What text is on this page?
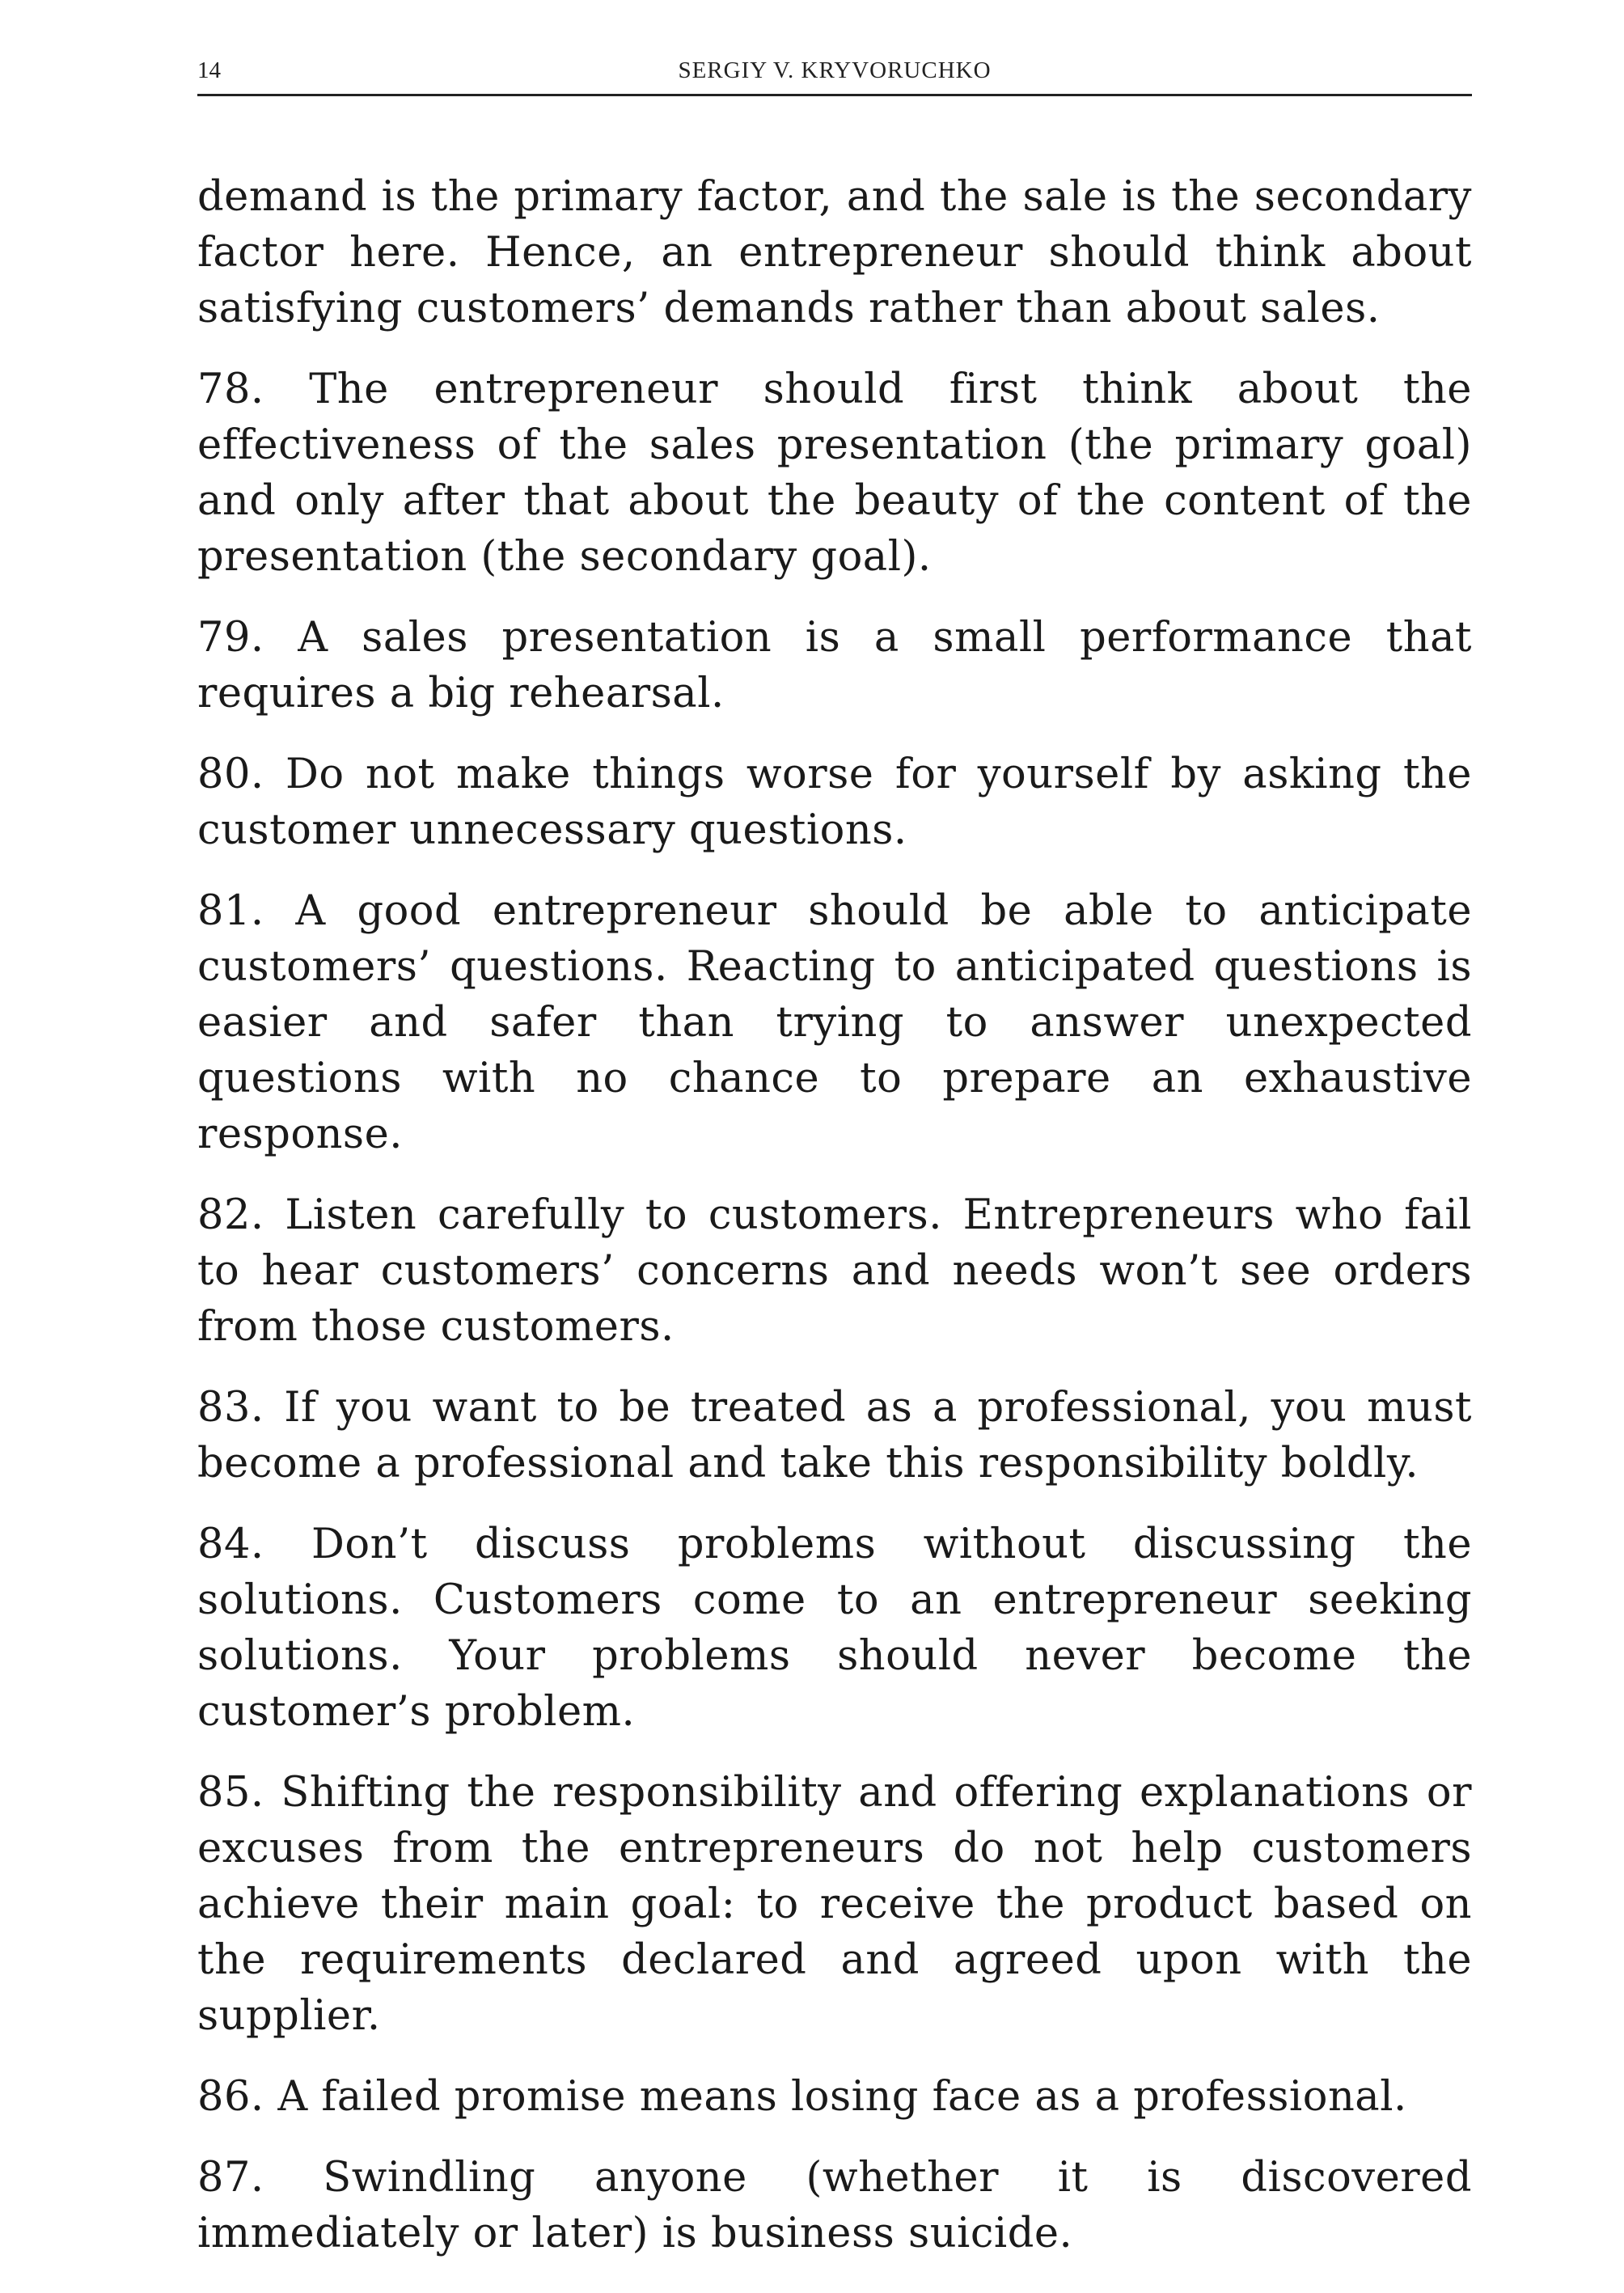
14	SERGIY V. KRYVORUCHKO

demand is the primary factor, and the sale is the secondary factor here. Hence, an entrepreneur should think about satisfying customers’ demands rather than about sales.

78. The entrepreneur should first think about the effectiveness of the sales presentation (the primary goal) and only after that about the beauty of the content of the presentation (the secondary goal).

79. A sales presentation is a small performance that requires a big rehearsal.

80. Do not make things worse for yourself by asking the customer unnecessary questions.

81. A good entrepreneur should be able to anticipate customers’ questions. Reacting to anticipated questions is easier and safer than trying to answer unexpected questions with no chance to prepare an exhaustive response.

82. Listen carefully to customers. Entrepreneurs who fail to hear customers’ concerns and needs won’t see orders from those customers.

83. If you want to be treated as a professional, you must become a professional and take this responsibility boldly.

84. Don’t discuss problems without discussing the solutions. Customers come to an entrepreneur seeking solutions. Your problems should never become the customer’s problem.

85. Shifting the responsibility and offering explanations or excuses from the entrepreneurs do not help customers achieve their main goal: to receive the product based on the requirements declared and agreed upon with the supplier.

86. A failed promise means losing face as a professional.

87. Swindling anyone (whether it is discovered immediately or later) is business suicide.
